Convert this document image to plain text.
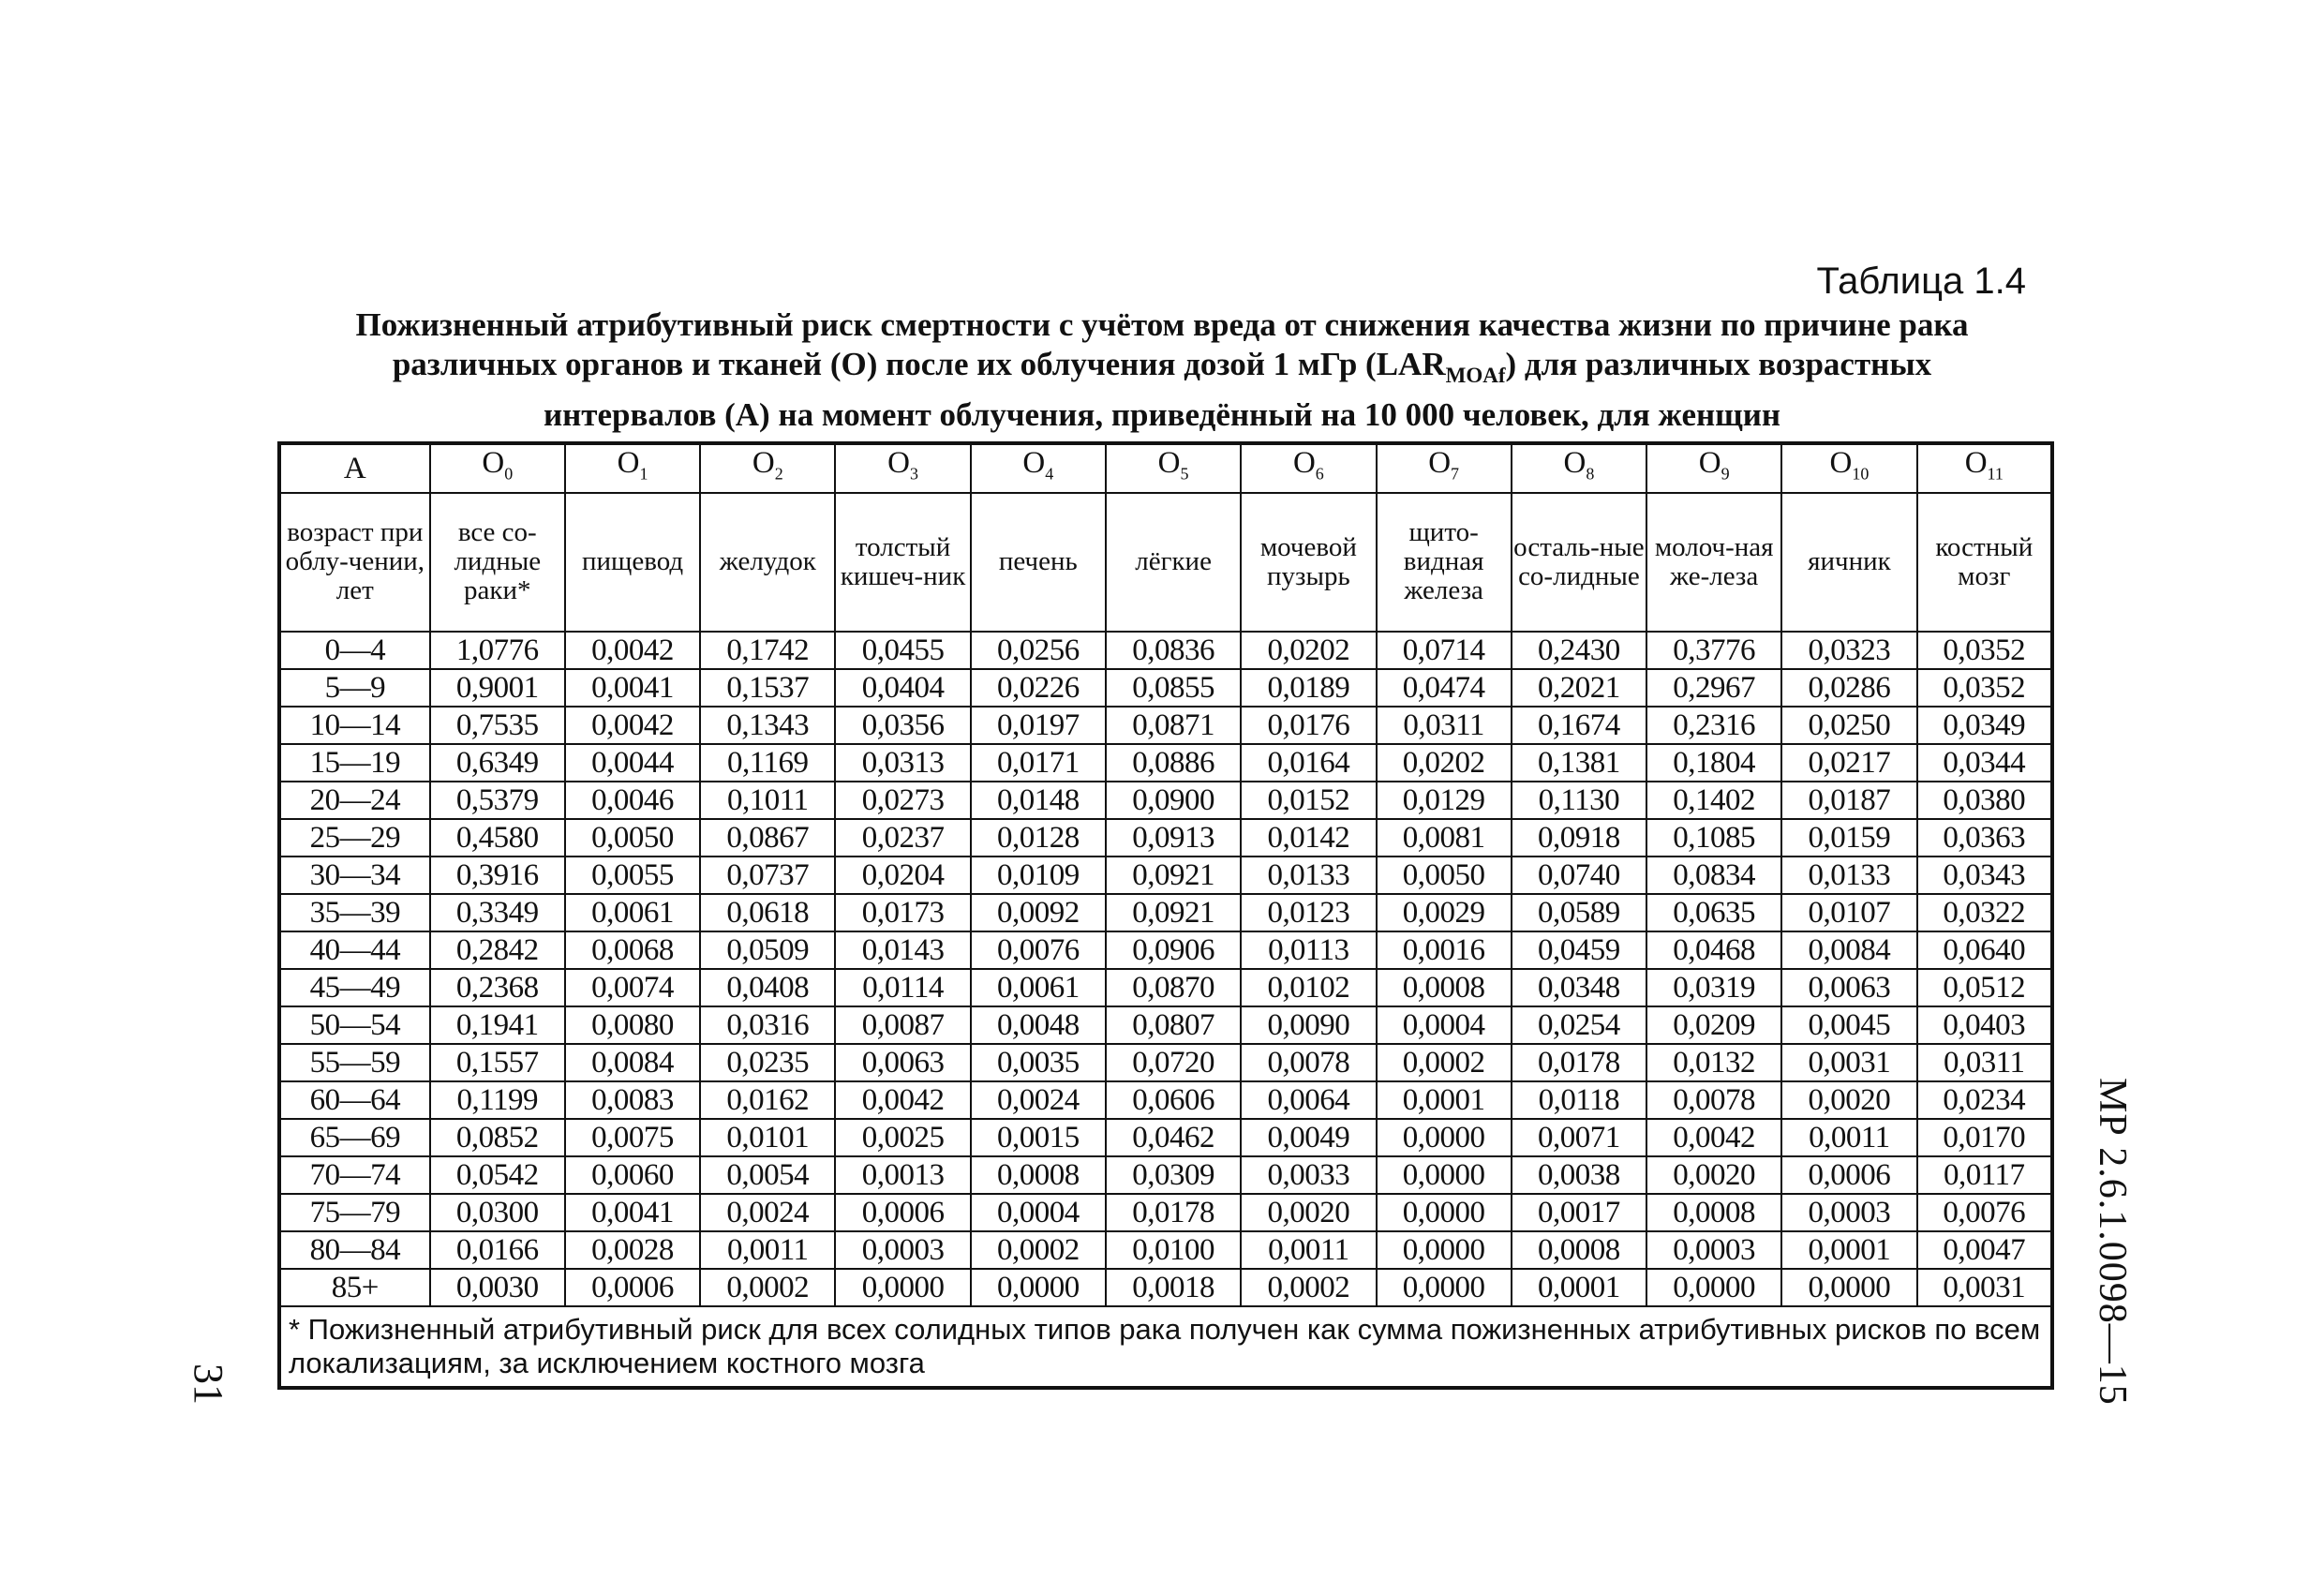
Таблица 1.4
Пожизненный атрибутивный риск смертности с учётом вреда от снижения качества жизни по причине рака
различных органов и тканей (О) после их облучения дозой 1 мГр $(LAR_{MOAf})$ для различных возрастных
интервалов (А) на момент облучения, приведённый на 10 000 человек, для женщин
А	$O_0$	$O_1$	$O_2$	$O_3$	$O_4$	$O_5$	$O_6$	$O_7$	$O_8$	$O_9$	$O_{10}$	$O_{11}$
возраст при облу-чении, лет	все со-лидные раки*	пищевод	желудок	толстый кишеч-ник	печень	лёгкие	мочевой пузырь	щито-видная железа	осталь-ные со-лидные	молоч-ная же-леза	яичник	костный мозг
0—4	1,0776	0,0042	0,1742	0,0455	0,0256	0,0836	0,0202	0,0714	0,2430	0,3776	0,0323	0,0352
5—9	0,9001	0,0041	0,1537	0,0404	0,0226	0,0855	0,0189	0,0474	0,2021	0,2967	0,0286	0,0352
10—14	0,7535	0,0042	0,1343	0,0356	0,0197	0,0871	0,0176	0,0311	0,1674	0,2316	0,0250	0,0349
15—19	0,6349	0,0044	0,1169	0,0313	0,0171	0,0886	0,0164	0,0202	0,1381	0,1804	0,0217	0,0344
20—24	0,5379	0,0046	0,1011	0,0273	0,0148	0,0900	0,0152	0,0129	0,1130	0,1402	0,0187	0,0380
25—29	0,4580	0,0050	0,0867	0,0237	0,0128	0,0913	0,0142	0,0081	0,0918	0,1085	0,0159	0,0363
30—34	0,3916	0,0055	0,0737	0,0204	0,0109	0,0921	0,0133	0,0050	0,0740	0,0834	0,0133	0,0343
35—39	0,3349	0,0061	0,0618	0,0173	0,0092	0,0921	0,0123	0,0029	0,0589	0,0635	0,0107	0,0322
40—44	0,2842	0,0068	0,0509	0,0143	0,0076	0,0906	0,0113	0,0016	0,0459	0,0468	0,0084	0,0640
45—49	0,2368	0,0074	0,0408	0,0114	0,0061	0,0870	0,0102	0,0008	0,0348	0,0319	0,0063	0,0512
50—54	0,1941	0,0080	0,0316	0,0087	0,0048	0,0807	0,0090	0,0004	0,0254	0,0209	0,0045	0,0403
55—59	0,1557	0,0084	0,0235	0,0063	0,0035	0,0720	0,0078	0,0002	0,0178	0,0132	0,0031	0,0311
60—64	0,1199	0,0083	0,0162	0,0042	0,0024	0,0606	0,0064	0,0001	0,0118	0,0078	0,0020	0,0234
65—69	0,0852	0,0075	0,0101	0,0025	0,0015	0,0462	0,0049	0,0000	0,0071	0,0042	0,0011	0,0170
70—74	0,0542	0,0060	0,0054	0,0013	0,0008	0,0309	0,0033	0,0000	0,0038	0,0020	0,0006	0,0117
75—79	0,0300	0,0041	0,0024	0,0006	0,0004	0,0178	0,0020	0,0000	0,0017	0,0008	0,0003	0,0076
80—84	0,0166	0,0028	0,0011	0,0003	0,0002	0,0100	0,0011	0,0000	0,0008	0,0003	0,0001	0,0047
85+	0,0030	0,0006	0,0002	0,0000	0,0000	0,0018	0,0002	0,0000	0,0001	0,0000	0,0000	0,0031
* Пожизненный атрибутивный риск для всех солидных типов рака получен как сумма пожизненных атрибутивных рисков по всем локализациям, за исключением костного мозга													МР 2.6.1.0098—15
31
